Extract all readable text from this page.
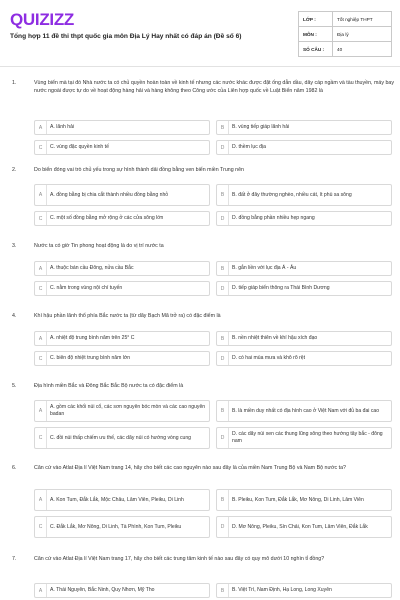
QUIZIZZ
Tổng hợp 11 đề thi thpt quốc gia môn Địa Lý Hay nhất có đáp án (Đề số 6)
LỚP :	Tốt nghiệp THPT
MÔN :	Địa lý
SỐ CÂU :	40
1.	Vùng biển mà tại đó Nhà nước ta có chủ quyền hoàn toàn về kinh tế nhưng các nước khác được đặt ống dẫn dầu, dây cáp ngầm và tàu thuyền, máy bay nước ngoài được tự do về hoạt động hàng hải và hàng không theo Công ước của Liên hợp quốc về Luật Biển năm 1982 là
A	A. lãnh hải	B	B. vùng tiếp giáp lãnh hải
C	C. vùng đặc quyền kinh tế	D	D. thềm lục địa
2.	Do biển đóng vai trò chủ yếu trong sự hình thành dải đồng bằng ven biển miền Trung nên
A	A. đồng bằng bị chia cắt thành nhiều đồng bằng nhỏ	B	B. đất ở đây thường nghèo, nhiều cát, ít phù sa sông
C	C. một số đồng bằng mở rộng ở các cửa sông lớn	D	D. đồng bằng phần nhiều hẹp ngang
3.	Nước ta có giờ Tin phong hoạt động là do vị trí nước ta
A	A. thuộc bán cầu Đông, nửa cầu Bắc	B	B. gắn liền với lục địa Á - Âu
C	C. nằm trong vùng nội chí tuyến	D	D. tiếp giáp biển thông ra Thái Bình Dương
4.	Khí hậu phần lãnh thổ phía Bắc nước ta (từ dãy Bạch Mã trở ra) có đặc điểm là
A	A. nhiệt độ trung bình năm trên 25° C	B	B. nền nhiệt thiên về khí hậu xích đạo
C	C. biên độ nhiệt trung bình năm lớn	D	D. có hai mùa mưa và khô rõ rệt
5.	Địa hình miền Bắc và Đông Bắc Bắc Bộ nước ta có đặc điểm là
A
A. gồm các khối núi cổ, các sơn nguyên bóc mòn và các cao nguyên badan	B	B. là miền duy nhất có địa hình cao ở Việt Nam với đủ ba đai cao
C	C. đồi núi thấp chiếm ưu thế, các dãy núi có hướng vòng cung	D
D. các dãy núi xen các thung lũng sông theo hướng tây bắc - đông nam
6.	Căn cứ vào Atlat Địa lí Việt Nam trang 14, hãy cho biết các cao nguyên nào sau đây là của miền Nam Trung Bộ và Nam Bộ nước ta?
A	A. Kon Tum, Đắk Lắk, Mộc Châu, Lâm Viên, Pleiku, Di Linh	B	B. Pleiku, Kon Tum, Đắk Lắk, Mơ Nông, Di Linh, Lâm Viên
C	C. Đắk Lắk, Mơ Nông, Di Linh, Tà Phình, Kon Tum, Pleiku	D	D. Mơ Nông, Pleiku, Sín Chải, Kon Tum, Lâm Viên, Đắk Lắk
7.	Căn cứ vào Atlat Địa lí Việt Nam trang 17, hãy cho biết các trung tâm kinh tế nào sau đây có quy mô dưới 10 nghìn tỉ đồng?
A	A. Thái Nguyên, Bắc Ninh, Quy Nhơn, Mỹ Tho	B	B. Việt Trì, Nam Định, Hạ Long, Long Xuyên
